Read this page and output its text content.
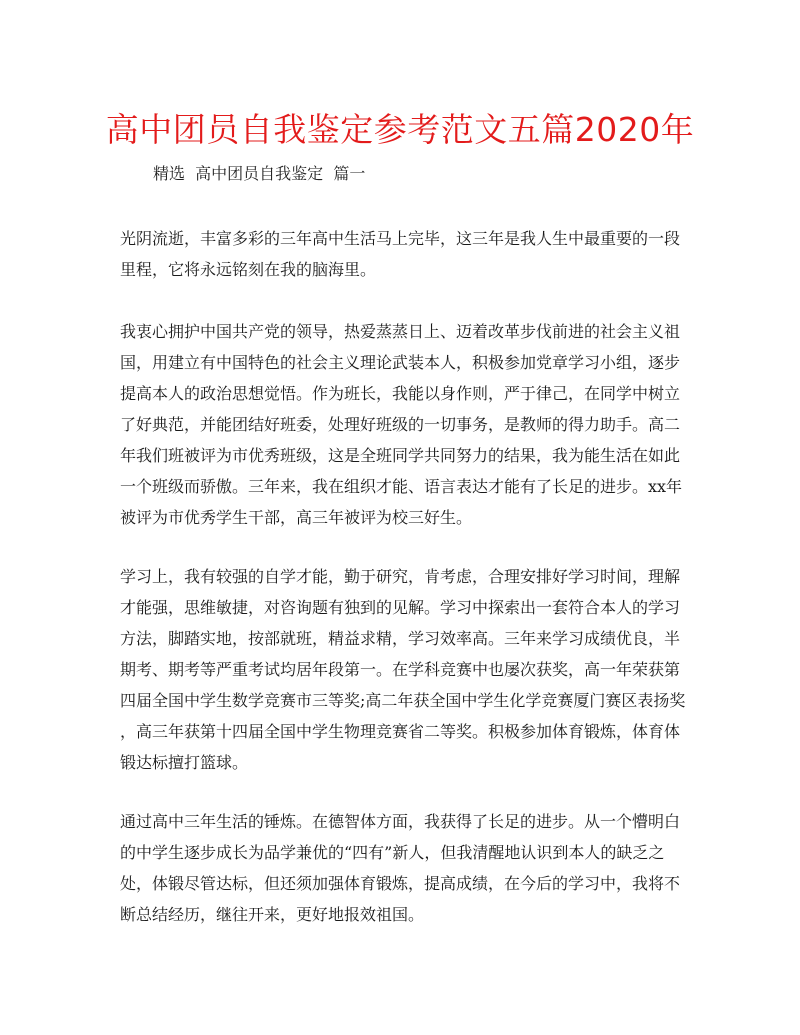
高中团员自我鉴定参考范文五篇2020年
精选  高中团员自我鉴定  篇一
光阴流逝，丰富多彩的三年高中生活马上完毕，这三年是我人生中最重要的一段
里程，它将永远铭刻在我的脑海里。
我衷心拥护中国共产党的领导，热爱蒸蒸日上、迈着改革步伐前进的社会主义祖
国，用建立有中国特色的社会主义理论武装本人，积极参加党章学习小组，逐步
提高本人的政治思想觉悟。作为班长，我能以身作则，严于律己，在同学中树立
了好典范，并能团结好班委，处理好班级的一切事务，是教师的得力助手。高二
年我们班被评为市优秀班级，这是全班同学共同努力的结果，我为能生活在如此
一个班级而骄傲。三年来，我在组织才能、语言表达才能有了长足的进步。xx年
被评为市优秀学生干部，高三年被评为校三好生。
学习上，我有较强的自学才能，勤于研究，肯考虑，合理安排好学习时间，理解
才能强，思维敏捷，对咨询题有独到的见解。学习中探索出一套符合本人的学习
方法，脚踏实地，按部就班，精益求精，学习效率高。三年来学习成绩优良，半
期考、期考等严重考试均居年段第一。在学科竞赛中也屡次获奖，高一年荣获第
四届全国中学生数学竞赛市三等奖;高二年获全国中学生化学竞赛厦门赛区表扬奖
，高三年获第十四届全国中学生物理竞赛省二等奖。积极参加体育锻炼，体育体
锻达标擅打篮球。
通过高中三年生活的锤炼。在德智体方面，我获得了长足的进步。从一个懵明白
的中学生逐步成长为品学兼优的“四有”新人，但我清醒地认识到本人的缺乏之
处，体锻尽管达标，但还须加强体育锻炼，提高成绩，在今后的学习中，我将不
断总结经历，继往开来，更好地报效祖国。
